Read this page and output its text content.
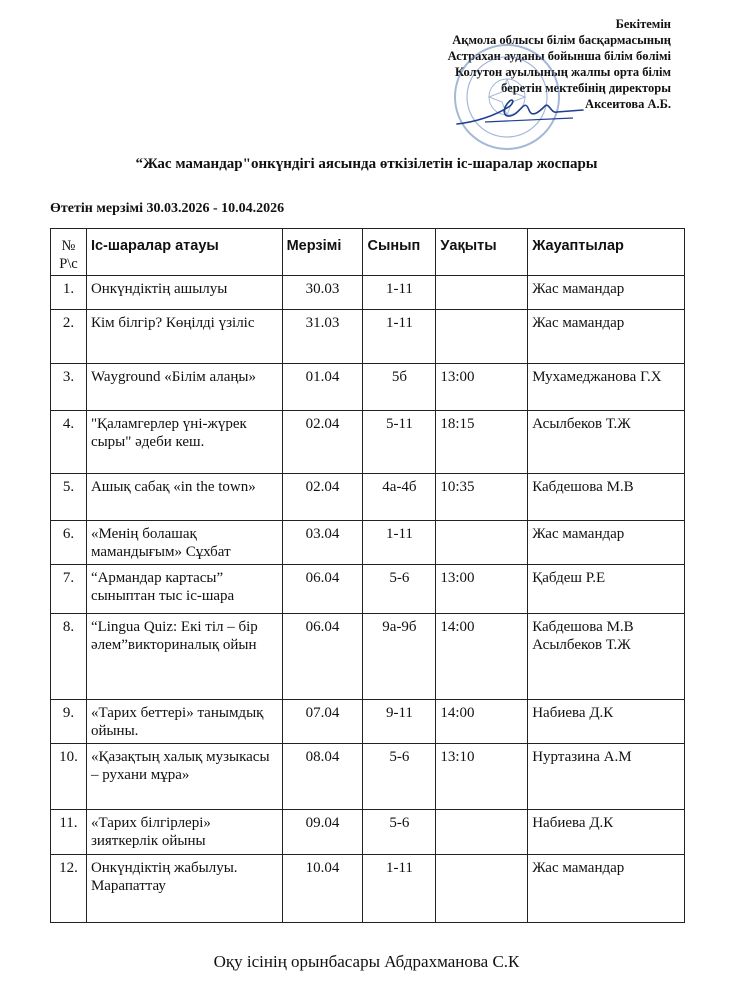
Бекітемін
Ақмола облысы білім басқармасының
Астрахан ауданы бойынша білім бөлімі
Колутон ауылының жалпы орта білім
беретін мектебінің директоры
Аксеитова А.Б.
“Жас мамандар"онкүндігі аясында өткізілетін іс-шаралар жоспары
Өтетін мерзімі 30.03.2026 - 10.04.2026
№ Р\с	Іс-шаралар атауы	Мерзімі	Сынып	Уақыты	Жауаптылар
1.	Онкүндіктің ашылуы	30.03	1-11		Жас мамандар
2.	Кім білгір? Көңілді үзіліс	31.03	1-11		Жас мамандар
3.	Wayground «Білім алаңы»	01.04	5б	13:00	Мухамеджанова Г.Х
4.	"Қаламгерлер үні-жүрек сыры" әдеби кеш.	02.04	5-11	18:15	Асылбеков Т.Ж
5.	Ашық сабақ «in the town»	02.04	4а-4б	10:35	Кабдешова М.В
6.	«Менің болашақ мамандығым» Сұхбат	03.04	1-11		Жас мамандар
7.	“Армандар картасы” сыныптан тыс іс-шара	06.04	5-6	13:00	Қабдеш Р.Е
8.	“Lingua Quiz: Екі тіл – бір әлем”викториналық ойын	06.04	9а-9б	14:00	Кабдешова М.В Асылбеков Т.Ж
9.	«Тарих беттері» танымдық ойыны.	07.04	9-11	14:00	Набиева Д.К
10.	«Қазақтың халық музыкасы – рухани мұра»	08.04	5-6	13:10	Нуртазина А.М
11.	«Тарих білгірлері» зияткерлік ойыны	09.04	5-6		Набиева Д.К
12.	Онкүндіктің жабылуы. Марапаттау	10.04	1-11		Жас мамандар
Оқу ісінің орынбасары Абдрахманова С.К
